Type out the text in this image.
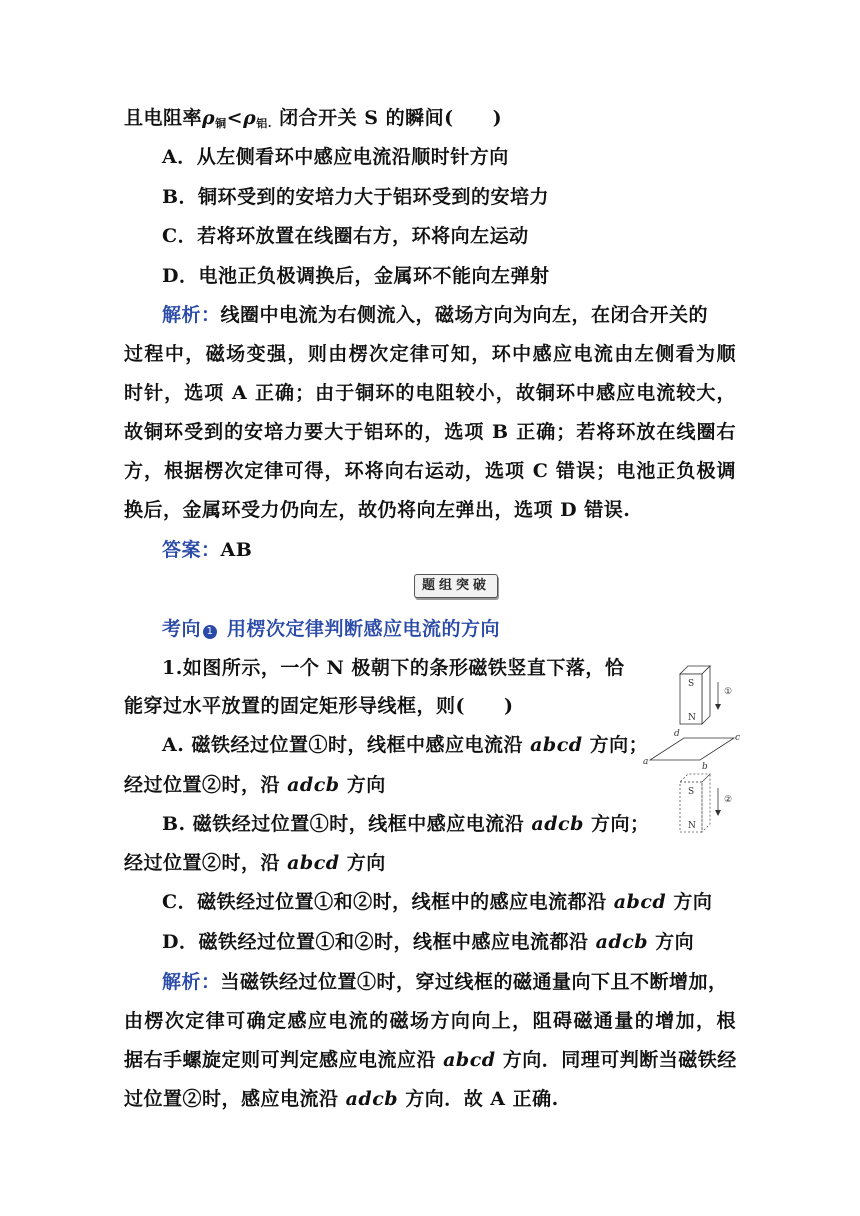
且电阻率$\rho_铜<\rho_{铝.}$ 闭合开关 S 的瞬间(　　)
A．从左侧看环中感应电流沿顺时针方向
B．铜环受到的安培力大于铝环受到的安培力
C．若将环放置在线圈右方，环将向左运动
D．电池正负极调换后，金属环不能向左弹射
解析：线圈中电流为右侧流入，磁场方向为向左，在闭合开关的
过程中，磁场变强，则由楞次定律可知，环中感应电流由左侧看为顺
时针，选项 A 正确；由于铜环的电阻较小，故铜环中感应电流较大，
故铜环受到的安培力要大于铝环的，选项 B 正确；若将环放在线圈右
方，根据楞次定律可得，环将向右运动，选项 C 错误；电池正负极调
换后，金属环受力仍向左，故仍将向左弹出，选项 D 错误.
答案：AB
题组突破
考向 1 用楞次定律判断感应电流的方向
1.如图所示，一个 N 极朝下的条形磁铁竖直下落，恰
能穿过水平放置的固定矩形导线框，则(　　)
A. 磁铁经过位置①时，线框中感应电流沿 abcd 方向；
经过位置②时，沿 adcb 方向
B. 磁铁经过位置①时，线框中感应电流沿 adcb 方向；
经过位置②时，沿 abcd 方向
C．磁铁经过位置①和②时，线框中的感应电流都沿 abcd 方向
D．磁铁经过位置①和②时，线框中感应电流都沿 adcb 方向
S
N
①
a	b
c
d
S
N
②
解析：当磁铁经过位置①时，穿过线框的磁通量向下且不断增加，
由楞次定律可确定感应电流的磁场方向向上，阻碍磁通量的增加，根
据右手螺旋定则可判定感应电流应沿 abcd 方向．同理可判断当磁铁经
过位置②时，感应电流沿 adcb 方向．故 A 正确.
